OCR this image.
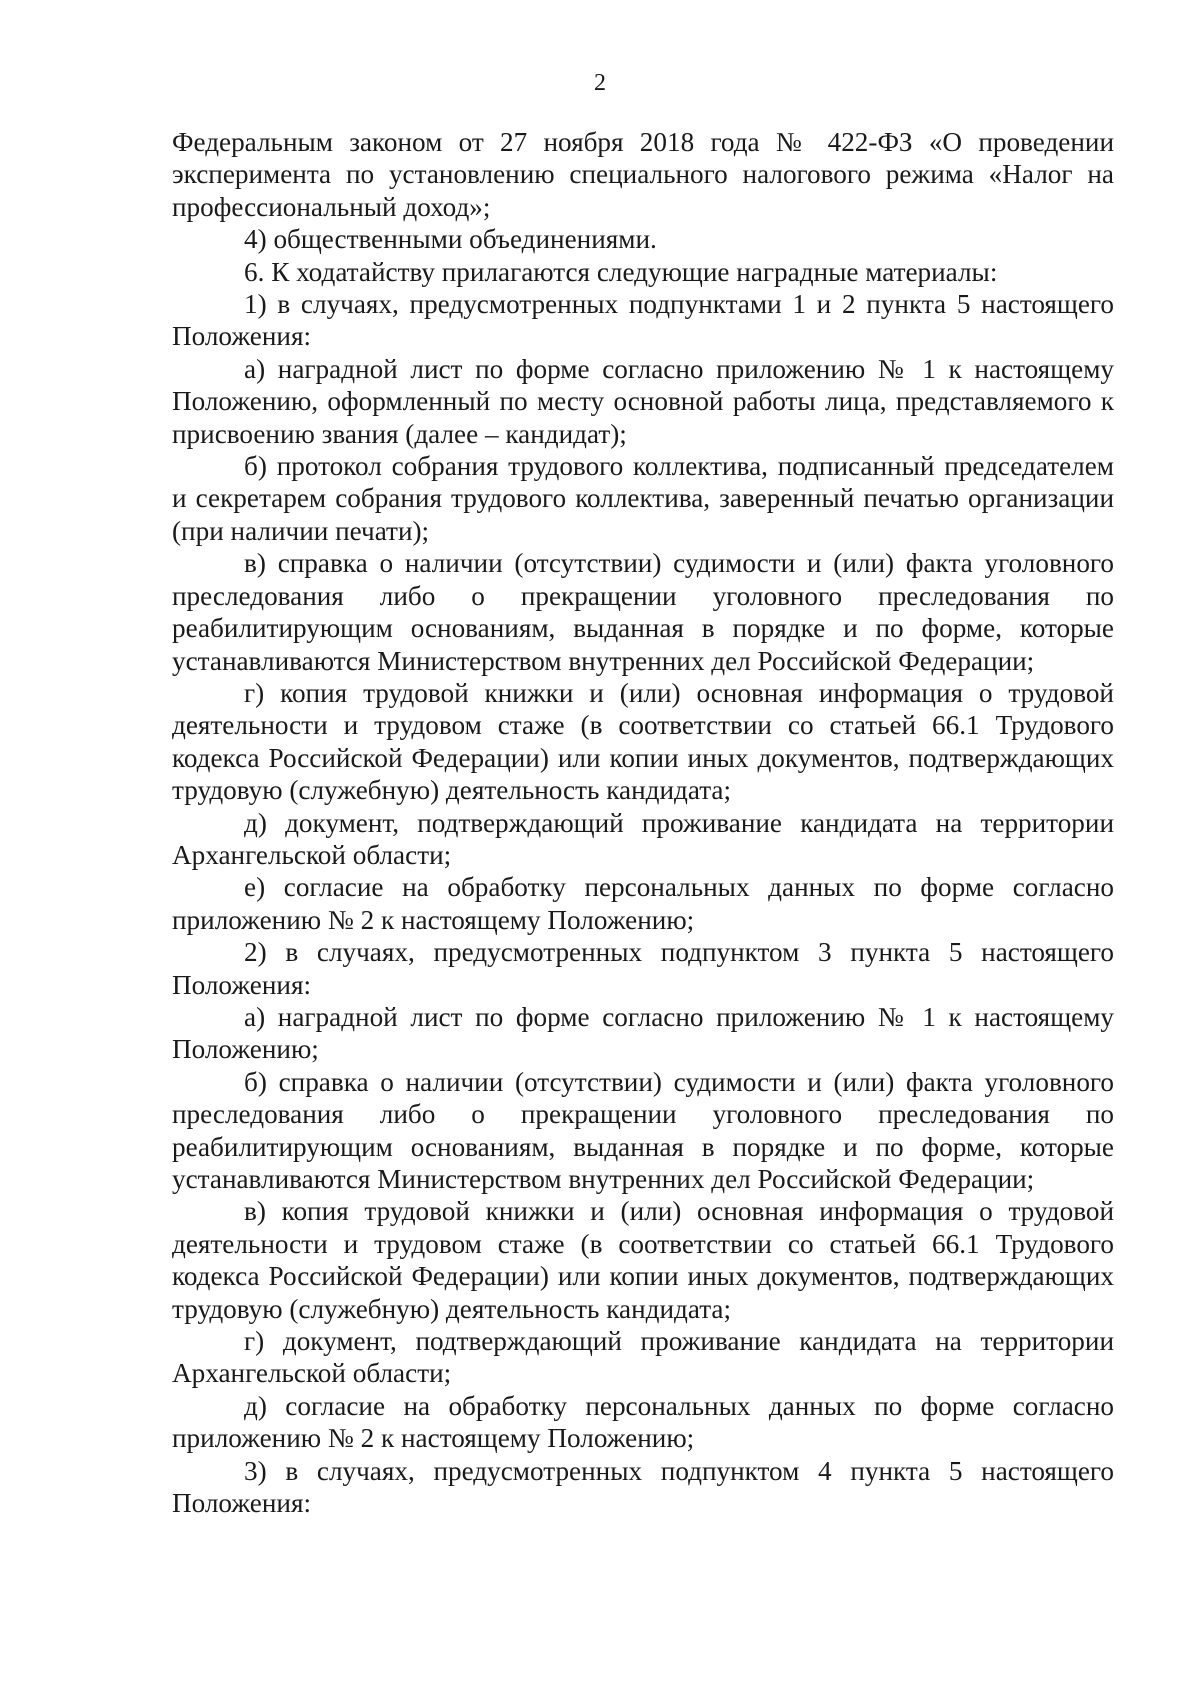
2

Федеральным законом от 27 ноября 2018 года № 422-ФЗ «О проведении эксперимента по установлению специального налогового режима «Налог на профессиональный доход»;

4) общественными объединениями.

6. К ходатайству прилагаются следующие наградные материалы:

1) в случаях, предусмотренных подпунктами 1 и 2 пункта 5 настоящего Положения:

а) наградной лист по форме согласно приложению № 1 к настоящему Положению, оформленный по месту основной работы лица, представляемого к присвоению звания (далее – кандидат);

б) протокол собрания трудового коллектива, подписанный председателем и секретарем собрания трудового коллектива, заверенный печатью организации (при наличии печати);

в) справка о наличии (отсутствии) судимости и (или) факта уголовного преследования либо о прекращении уголовного преследования по реабилитирующим основаниям, выданная в порядке и по форме, которые устанавливаются Министерством внутренних дел Российской Федерации;

г) копия трудовой книжки и (или) основная информация о трудовой деятельности и трудовом стаже (в соответствии со статьей 66.1 Трудового кодекса Российской Федерации) или копии иных документов, подтверждающих трудовую (служебную) деятельность кандидата;

д) документ, подтверждающий проживание кандидата на территории Архангельской области;

е) согласие на обработку персональных данных по форме согласно приложению № 2 к настоящему Положению;

2) в случаях, предусмотренных подпунктом 3 пункта 5 настоящего Положения:

а) наградной лист по форме согласно приложению № 1 к настоящему Положению;

б) справка о наличии (отсутствии) судимости и (или) факта уголовного преследования либо о прекращении уголовного преследования по реабилитирующим основаниям, выданная в порядке и по форме, которые устанавливаются Министерством внутренних дел Российской Федерации;

в) копия трудовой книжки и (или) основная информация о трудовой деятельности и трудовом стаже (в соответствии со статьей 66.1 Трудового кодекса Российской Федерации) или копии иных документов, подтверждающих трудовую (служебную) деятельность кандидата;

г) документ, подтверждающий проживание кандидата на территории Архангельской области;

д) согласие на обработку персональных данных по форме согласно приложению № 2 к настоящему Положению;

3) в случаях, предусмотренных подпунктом 4 пункта 5 настоящего Положения:
